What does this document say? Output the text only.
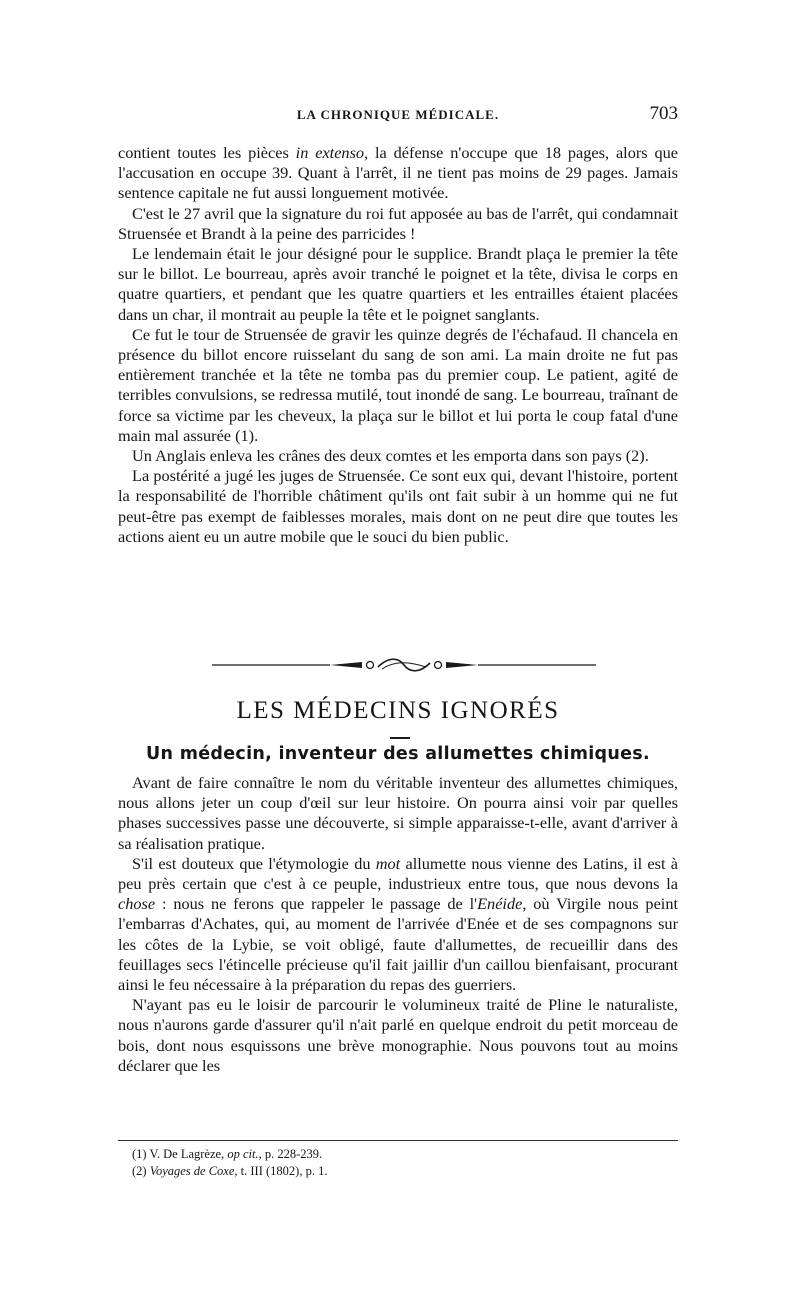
LA CHRONIQUE MÉDICALE.	703

contient toutes les pièces in extenso, la défense n'occupe que 18 pages, alors que l'accusation en occupe 39. Quant à l'arrêt, il ne tient pas moins de 29 pages. Jamais sentence capitale ne fut aussi longuement motivée.

C'est le 27 avril que la signature du roi fut apposée au bas de l'arrêt, qui condamnait Struensée et Brandt à la peine des parricides !

Le lendemain était le jour désigné pour le supplice. Brandt plaça le premier la tête sur le billot. Le bourreau, après avoir tranché le poignet et la tête, divisa le corps en quatre quartiers, et pendant que les quatre quartiers et les entrailles étaient placées dans un char, il montrait au peuple la tête et le poignet sanglants.

Ce fut le tour de Struensée de gravir les quinze degrés de l'échafaud. Il chancela en présence du billot encore ruisselant du sang de son ami. La main droite ne fut pas entièrement tranchée et la tête ne tomba pas du premier coup. Le patient, agité de terribles convulsions, se redressa mutilé, tout inondé de sang. Le bourreau, traînant de force sa victime par les cheveux, la plaça sur le billot et lui porta le coup fatal d'une main mal assurée (1).

Un Anglais enleva les crânes des deux comtes et les emporta dans son pays (2).

La postérité a jugé les juges de Struensée. Ce sont eux qui, devant l'histoire, portent la responsabilité de l'horrible châtiment qu'ils ont fait subir à un homme qui ne fut peut-être pas exempt de faiblesses morales, mais dont on ne peut dire que toutes les actions aient eu un autre mobile que le souci du bien public.

LES MÉDECINS IGNORÉS
Un médecin, inventeur des allumettes chimiques.

Avant de faire connaître le nom du véritable inventeur des allumettes chimiques, nous allons jeter un coup d'œil sur leur histoire. On pourra ainsi voir par quelles phases successives passe une découverte, si simple apparaisse-t-elle, avant d'arriver à sa réalisation pratique.

S'il est douteux que l'étymologie du mot allumette nous vienne des Latins, il est à peu près certain que c'est à ce peuple, industrieux entre tous, que nous devons la chose : nous ne ferons que rappeler le passage de l'Enéide, où Virgile nous peint l'embarras d'Achates, qui, au moment de l'arrivée d'Enée et de ses compagnons sur les côtes de la Lybie, se voit obligé, faute d'allumettes, de recueillir dans des feuillages secs l'étincelle précieuse qu'il fait jaillir d'un caillou bienfaisant, procurant ainsi le feu nécessaire à la préparation du repas des guerriers.

N'ayant pas eu le loisir de parcourir le volumineux traité de Pline le naturaliste, nous n'aurons garde d'assurer qu'il n'ait parlé en quelque endroit du petit morceau de bois, dont nous esquissons une brève monographie. Nous pouvons tout au moins déclarer que les

(1) V. De Lagrèze, op cit., p. 228-239.
(2) Voyages de Coxe, t. III (1802), p. 1.
